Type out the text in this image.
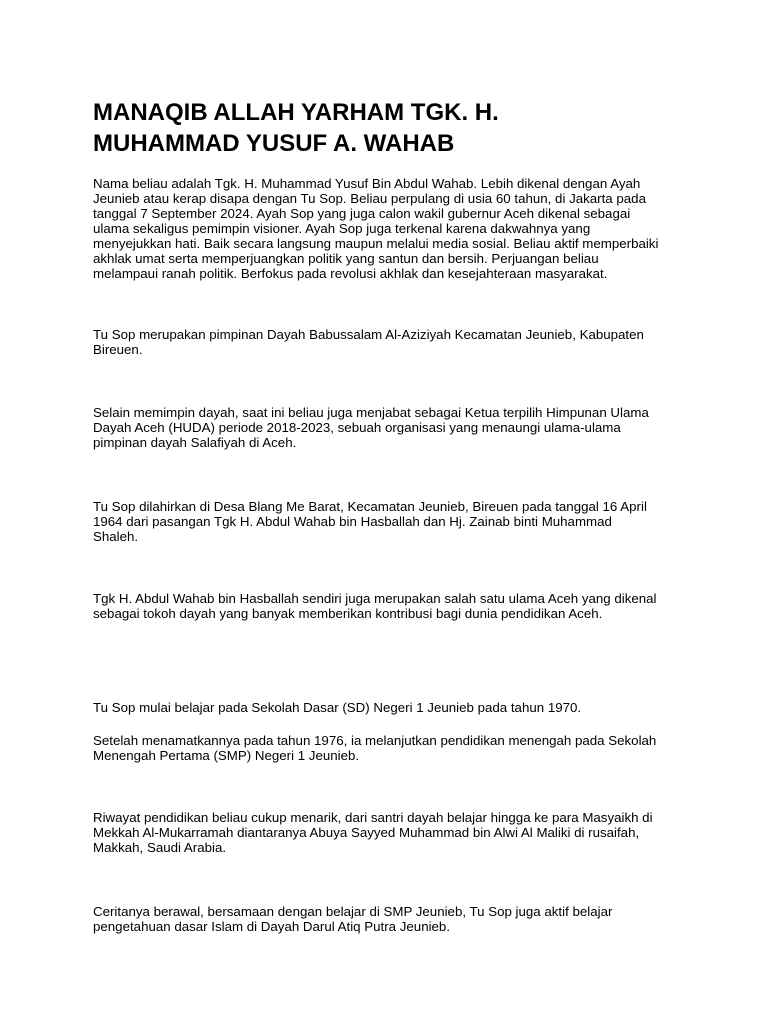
MANAQIB ALLAH YARHAM TGK. H.
MUHAMMAD YUSUF A. WAHAB

Nama beliau adalah Tgk. H. Muhammad Yusuf Bin Abdul Wahab. Lebih dikenal dengan Ayah
Jeunieb atau kerap disapa dengan Tu Sop. Beliau perpulang di usia 60 tahun, di Jakarta pada
tanggal 7 September 2024. Ayah Sop yang juga calon wakil gubernur Aceh dikenal sebagai
ulama sekaligus pemimpin visioner. Ayah Sop juga terkenal karena dakwahnya yang
menyejukkan hati. Baik secara langsung maupun melalui media sosial. Beliau aktif memperbaiki
akhlak umat serta memperjuangkan politik yang santun dan bersih. Perjuangan beliau
melampaui ranah politik. Berfokus pada revolusi akhlak dan kesejahteraan masyarakat.

Tu Sop merupakan pimpinan Dayah Babussalam Al-Aziziyah Kecamatan Jeunieb, Kabupaten
Bireuen.

Selain memimpin dayah, saat ini beliau juga menjabat sebagai Ketua terpilih Himpunan Ulama
Dayah Aceh (HUDA) periode 2018-2023, sebuah organisasi yang menaungi ulama-ulama
pimpinan dayah Salafiyah di Aceh.

Tu Sop dilahirkan di Desa Blang Me Barat, Kecamatan Jeunieb, Bireuen pada tanggal 16 April
1964 dari pasangan Tgk H. Abdul Wahab bin Hasballah dan Hj. Zainab binti Muhammad
Shaleh.

Tgk H. Abdul Wahab bin Hasballah sendiri juga merupakan salah satu ulama Aceh yang dikenal
sebagai tokoh dayah yang banyak memberikan kontribusi bagi dunia pendidikan Aceh.

Tu Sop mulai belajar pada Sekolah Dasar (SD) Negeri 1 Jeunieb pada tahun 1970.

Setelah menamatkannya pada tahun 1976, ia melanjutkan pendidikan menengah pada Sekolah
Menengah Pertama (SMP) Negeri 1 Jeunieb.

Riwayat pendidikan beliau cukup menarik, dari santri dayah belajar hingga ke para Masyaikh di
Mekkah Al-Mukarramah diantaranya Abuya Sayyed Muhammad bin Alwi Al Maliki di rusaifah,
Makkah, Saudi Arabia.

Ceritanya berawal, bersamaan dengan belajar di SMP Jeunieb, Tu Sop juga aktif belajar
pengetahuan dasar Islam di Dayah Darul Atiq Putra Jeunieb.
